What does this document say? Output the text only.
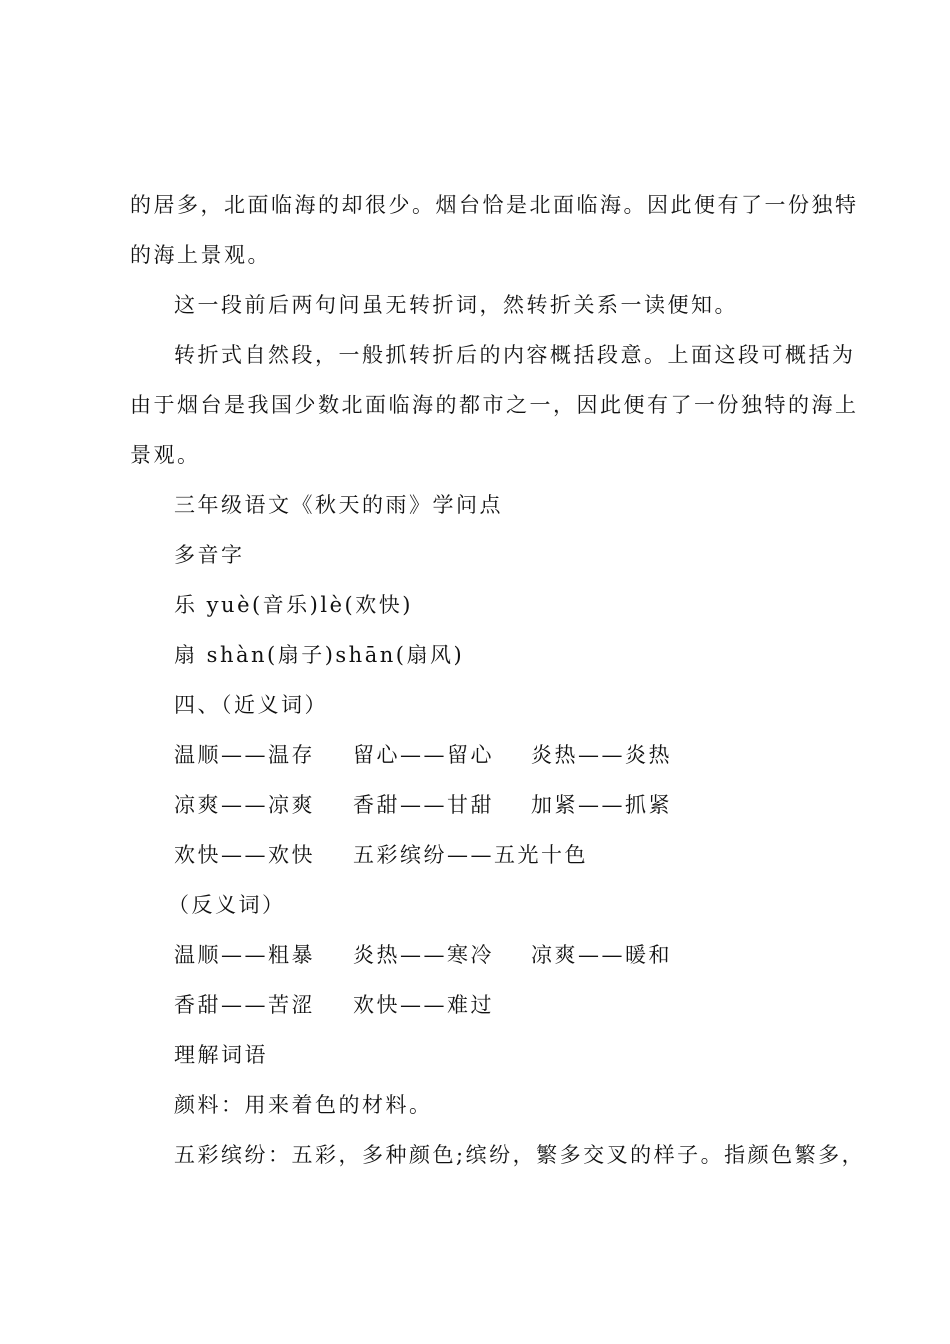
的居多，北面临海的却很少。烟台恰是北面临海。因此便有了一份独特
的海上景观。
这一段前后两句问虽无转折词，然转折关系一读便知。
转折式自然段，一般抓转折后的内容概括段意。上面这段可概括为
由于烟台是我国少数北面临海的都市之一，因此便有了一份独特的海上
景观。
三年级语文《秋天的雨》学问点
多音字
乐 yuè(音乐)lè(欢快)
扇 shàn(扇子)shān(扇风)
四、（近义词）
温顺——温存 留心——留心 炎热——炎热
凉爽——凉爽 香甜——甘甜 加紧——抓紧
欢快——欢快 五彩缤纷——五光十色
（反义词）
温顺——粗暴 炎热——寒冷 凉爽——暖和
香甜——苦涩 欢快——难过
理解词语
颜料：用来着色的材料。
五彩缤纷：五彩，多种颜色;缤纷，繁多交叉的样子。指颜色繁多，
